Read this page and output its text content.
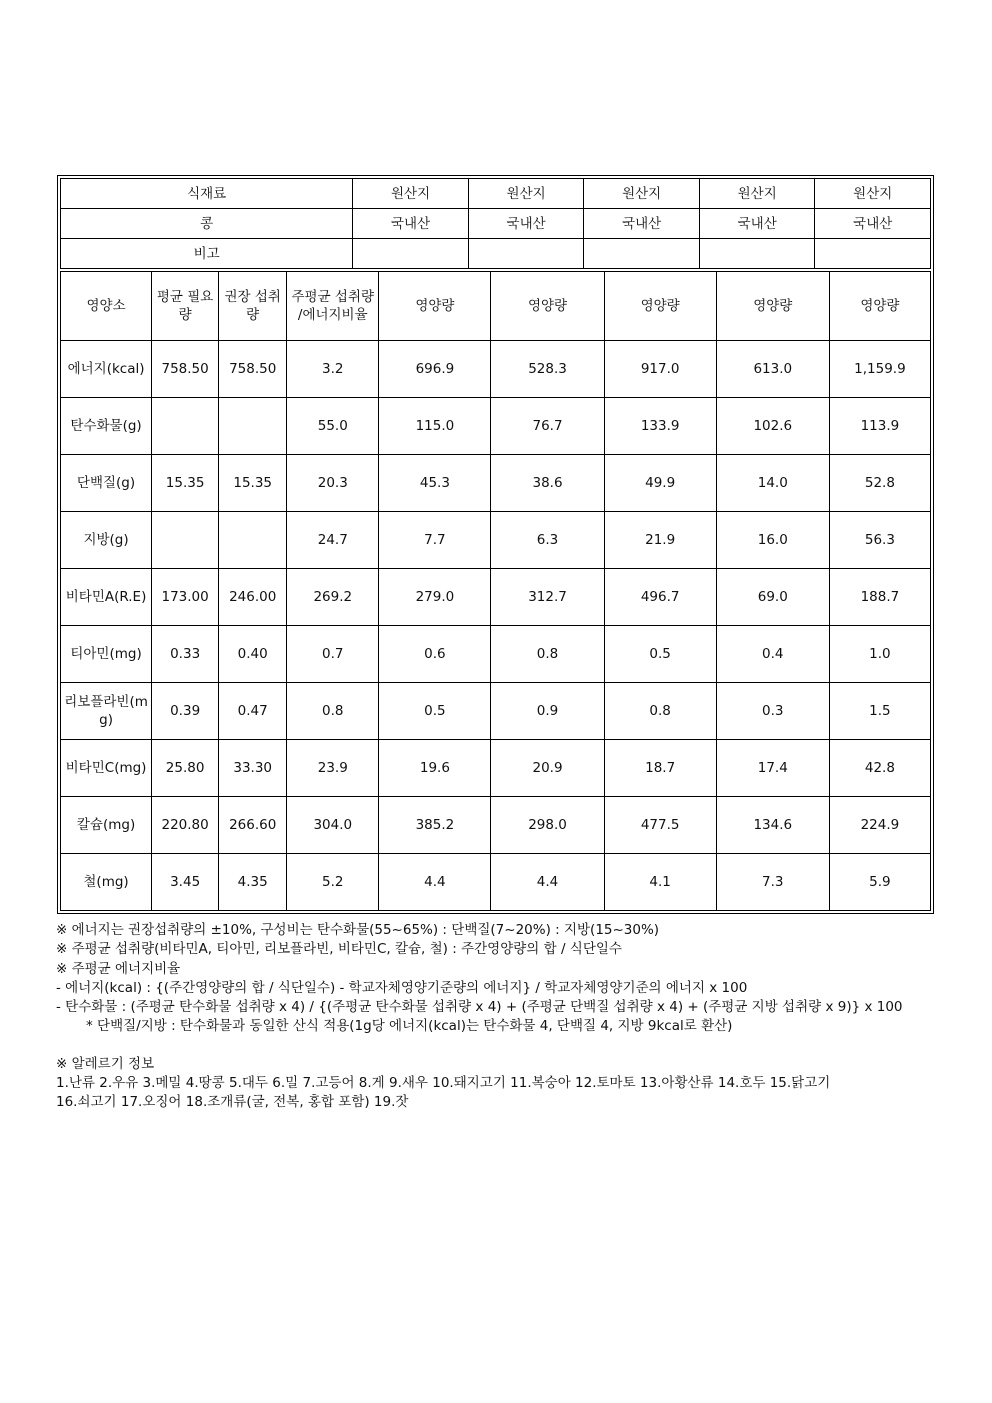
식재료	원산지	원산지	원산지	원산지	원산지
콩	국내산	국내산	국내산	국내산	국내산
비고					
영양소	평균 필요량	권장 섭취량	주평균 섭취량 /에너지비율	영양량	영양량	영양량	영양량	영양량
에너지(kcal)	758.50	758.50	3.2	696.9	528.3	917.0	613.0	1,159.9
탄수화물(g)			55.0	115.0	76.7	133.9	102.6	113.9
단백질(g)	15.35	15.35	20.3	45.3	38.6	49.9	14.0	52.8
지방(g)			24.7	7.7	6.3	21.9	16.0	56.3
비타민A(R.E)	173.00	246.00	269.2	279.0	312.7	496.7	69.0	188.7
티아민(mg)	0.33	0.40	0.7	0.6	0.8	0.5	0.4	1.0
리보플라빈(mg)	0.39	0.47	0.8	0.5	0.9	0.8	0.3	1.5
비타민C(mg)	25.80	33.30	23.9	19.6	20.9	18.7	17.4	42.8
칼슘(mg)	220.80	266.60	304.0	385.2	298.0	477.5	134.6	224.9
철(mg)	3.45	4.35	5.2	4.4	4.4	4.1	7.3	5.9
※ 에너지는 권장섭취량의 ±10%, 구성비는 탄수화물(55~65%) : 단백질(7~20%) : 지방(15~30%)
※ 주평균 섭취량(비타민A, 티아민, 리보플라빈, 비타민C, 칼슘, 철) : 주간영양량의 합 / 식단일수
※ 주평균 에너지비율
- 에너지(kcal) : {(주간영양량의 합 / 식단일수) - 학교자체영양기준량의 에너지} / 학교자체영양기준의 에너지 x 100
- 탄수화물 : (주평균 탄수화물 섭취량 x 4) / {(주평균 탄수화물 섭취량 x 4) + (주평균 단백질 섭취량 x 4) + (주평균 지방 섭취량 x 9)} x 100
* 단백질/지방 : 탄수화물과 동일한 산식 적용(1g당 에너지(kcal)는 탄수화물 4, 단백질 4, 지방 9kcal로 환산)
※ 알레르기 정보
1.난류 2.우유 3.메밀 4.땅콩 5.대두 6.밀 7.고등어 8.게 9.새우 10.돼지고기 11.복숭아 12.토마토 13.아황산류 14.호두 15.닭고기
16.쇠고기 17.오징어 18.조개류(굴, 전복, 홍합 포함) 19.잣
